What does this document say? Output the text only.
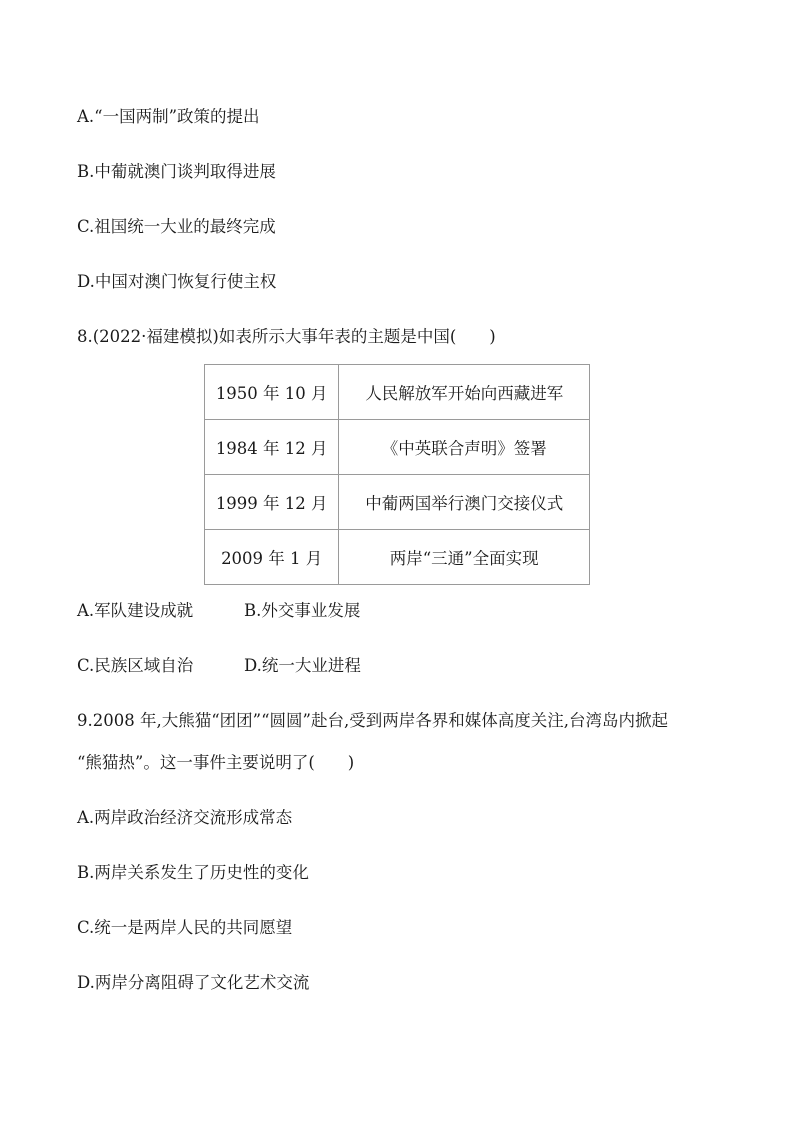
A.“一国两制”政策的提出
B.中葡就澳门谈判取得进展
C.祖国统一大业的最终完成
D.中国对澳门恢复行使主权
8.(2022·福建模拟)如表所示大事年表的主题是中国(　　)
1950 年 10 月	人民解放军开始向西藏进军
1984 年 12 月	《中英联合声明》签署
1999 年 12 月	中葡两国举行澳门交接仪式
2009 年 1 月	两岸“三通”全面实现
A.军队建设成就	B.外交事业发展
C.民族区域自治	D.统一大业进程
9.2008 年,大熊猫“团团”“圆圆”赴台,受到两岸各界和媒体高度关注,台湾岛内掀起
“熊猫热”。这一事件主要说明了(　　)
A.两岸政治经济交流形成常态
B.两岸关系发生了历史性的变化
C.统一是两岸人民的共同愿望
D.两岸分离阻碍了文化艺术交流
